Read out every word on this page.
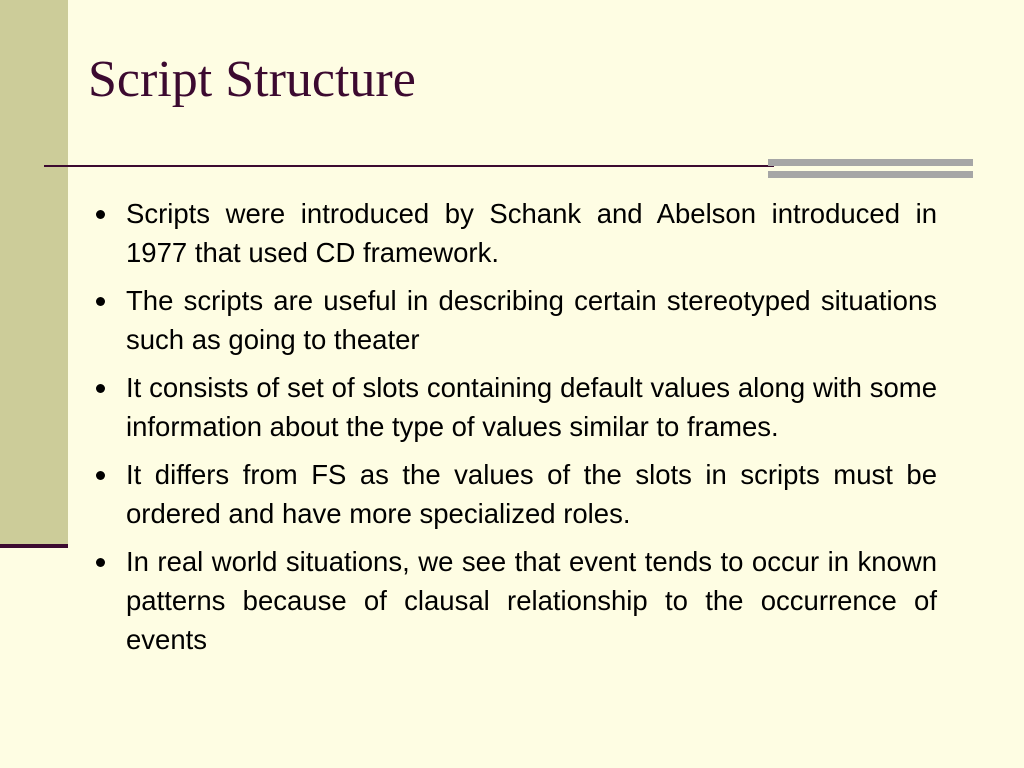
Script Structure
Scripts were introduced by Schank and Abelson introduced in 1977 that used CD framework.
The scripts are useful in describing certain stereotyped situations such as going to theater
It consists of set of slots containing default values along with some information about the type of values similar to frames.
It differs from FS as the values of the slots in scripts must be ordered and have more specialized roles.
In real world situations, we see that event tends to occur in known patterns because of clausal relationship to the occurrence of events
